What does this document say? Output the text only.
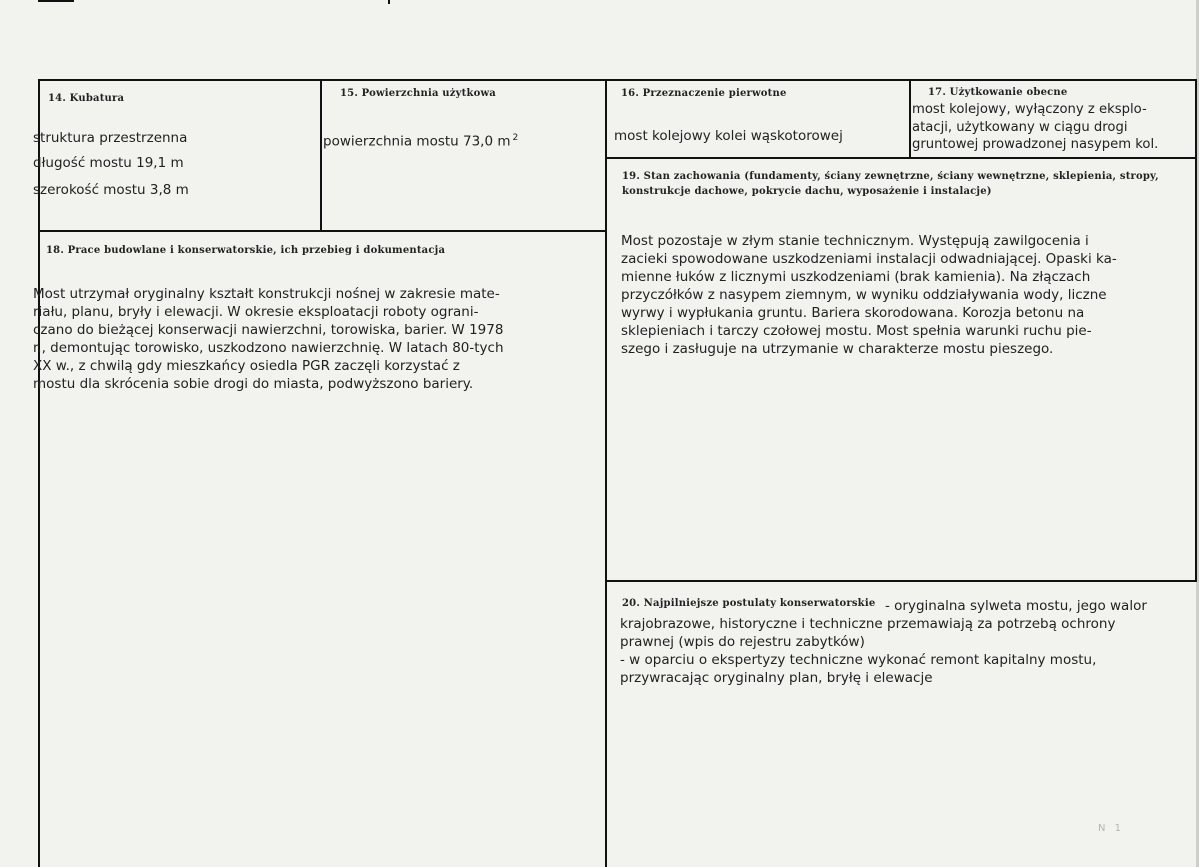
14. Kubatura
struktura przestrzenna
długość mostu 19,1 m
szerokość mostu 3,8 m
15. Powierzchnia użytkowa
powierzchnia mostu 73,0 m $^2$
16. Przeznaczenie pierwotne
most kolejowy kolei wąskotorowej
17. Użytkowanie obecne
most kolejowy, wyłączony z eksplo-
atacji, użytkowany w ciągu drogi
gruntowej prowadzonej nasypem kol.
19. Stan zachowania (fundamenty, ściany zewnętrzne, ściany wewnętrzne, sklepienia, stropy,
konstrukcje dachowe, pokrycie dachu, wyposażenie i instalacje)
Most pozostaje w złym stanie technicznym. Występują zawilgocenia i
zacieki spowodowane uszkodzeniami instalacji odwadniającej. Opaski ka-
mienne łuków z licznymi uszkodzeniami (brak kamienia). Na złączach
przyczółków z nasypem ziemnym, w wyniku oddziaływania wody, liczne
wyrwy i wypłukania gruntu. Bariera skorodowana. Korozja betonu na
sklepieniach i tarczy czołowej mostu. Most spełnia warunki ruchu pie-
szego i zasługuje na utrzymanie w charakterze mostu pieszego.
18. Prace budowlane i konserwatorskie, ich przebieg i dokumentacja
Most utrzymał oryginalny kształt konstrukcji nośnej w zakresie mate-
riału, planu, bryły i elewacji. W okresie eksploatacji roboty ograni-
czano do bieżącej konserwacji nawierzchni, torowiska, barier. W 1978
r., demontując torowisko, uszkodzono nawierzchnię. W latach 80-tych
XX w., z chwilą gdy mieszkańcy osiedla PGR zaczęli korzystać z
mostu dla skrócenia sobie drogi do miasta, podwyższono bariery.
20. Najpilniejsze postulaty konserwatorskie - oryginalna sylweta mostu, jego walor
krajobrazowe, historyczne i techniczne przemawiają za potrzebą ochrony
prawnej (wpis do rejestru zabytków)
- w oparciu o ekspertyzy techniczne wykonać remont kapitalny mostu,
przywracając oryginalny plan, bryłę i elewacje
N 1
